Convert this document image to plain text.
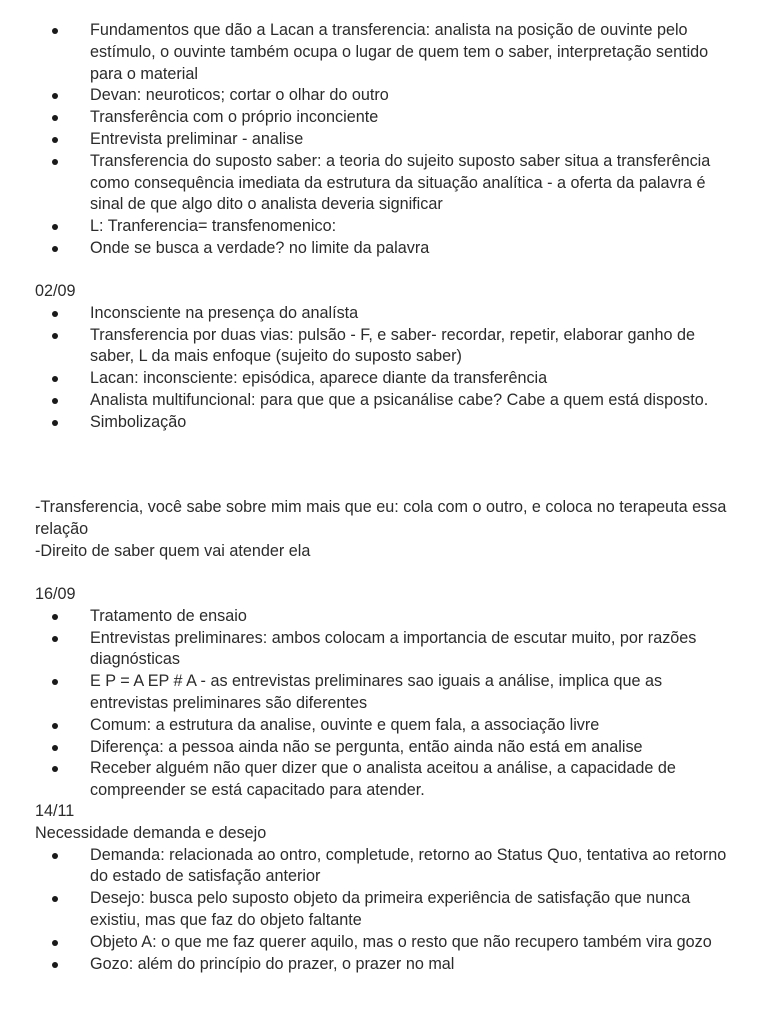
Fundamentos que dão a Lacan a transferencia: analista na posição de ouvinte pelo estímulo, o ouvinte também ocupa o lugar de quem tem o saber, interpretação sentido para o material
Devan: neuroticos; cortar o olhar do outro
Transferência com o próprio inconciente
Entrevista preliminar - analise
Transferencia do suposto saber: a teoria do sujeito suposto saber situa a transferência como consequência imediata da estrutura da situação analítica - a oferta da palavra é sinal de que algo dito o analista deveria significar
L: Tranferencia= transfenomenico:
Onde se busca a verdade? no limite da palavra
02/09
Inconsciente na presença do analísta
Transferencia por duas vias: pulsão - F, e saber- recordar, repetir, elaborar ganho de saber, L da mais enfoque (sujeito do suposto saber)
Lacan: inconsciente: episódica, aparece diante da transferência
Analista multifuncional: para que que a psicanálise cabe? Cabe a quem está disposto.
Simbolização
-Transferencia, você sabe sobre mim mais que eu: cola com o outro, e coloca no terapeuta essa relação
-Direito de saber quem vai atender ela
16/09
Tratamento de ensaio
Entrevistas preliminares: ambos colocam a importancia de escutar muito, por razões diagnósticas
E P = A EP # A - as entrevistas preliminares sao iguais a análise, implica que as entrevistas preliminares são diferentes
Comum: a estrutura da analise, ouvinte e quem fala, a associação livre
Diferença: a pessoa ainda não se pergunta, então ainda não está em analise
Receber alguém não quer dizer que o analista aceitou a análise, a capacidade de compreender se está capacitado para atender.
14/11
Necessidade demanda e desejo
Demanda: relacionada ao ontro, completude, retorno ao Status Quo, tentativa ao retorno do estado de satisfação anterior
Desejo: busca pelo suposto objeto da primeira experiência de satisfação que nunca existiu, mas que faz do objeto faltante
Objeto A: o que me faz querer aquilo, mas o resto que não recupero também vira gozo
Gozo: além do princípio do prazer, o prazer no mal
